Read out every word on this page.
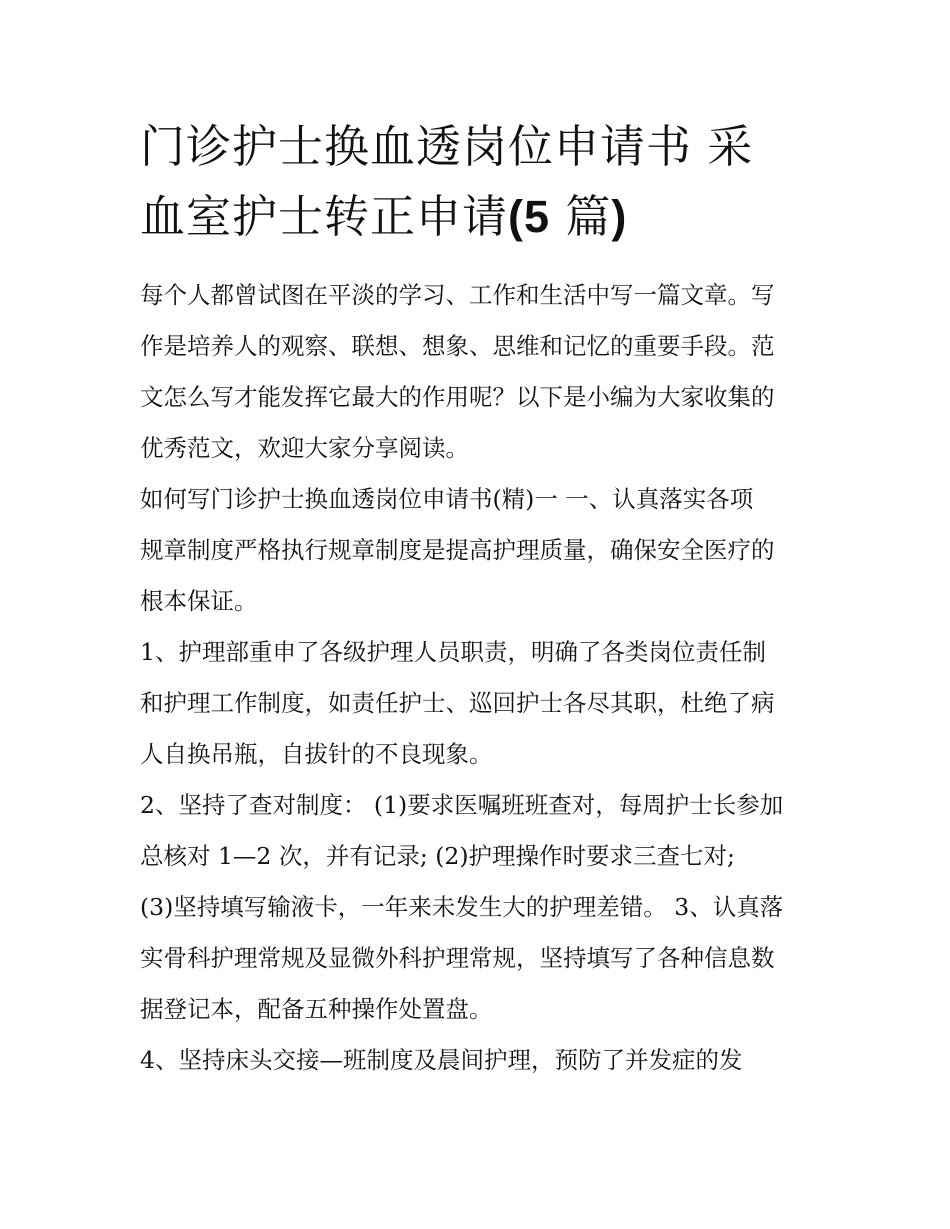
门诊护士换血透岗位申请书 采
血室护士转正申请(5 篇)
每个人都曾试图在平淡的学习、工作和生活中写一篇文章。写
作是培养人的观察、联想、想象、思维和记忆的重要手段。范
文怎么写才能发挥它最大的作用呢？以下是小编为大家收集的
优秀范文，欢迎大家分享阅读。
如何写门诊护士换血透岗位申请书(精)一 一、认真落实各项
规章制度严格执行规章制度是提高护理质量，确保安全医疗的
根本保证。
1、护理部重申了各级护理人员职责，明确了各类岗位责任制
和护理工作制度，如责任护士、巡回护士各尽其职，杜绝了病
人自换吊瓶，自拔针的不良现象。
2、坚持了查对制度： (1)要求医嘱班班查对，每周护士长参加
总核对 1—2 次，并有记录; (2)护理操作时要求三查七对;
(3)坚持填写输液卡，一年来未发生大的护理差错。 3、认真落
实骨科护理常规及显微外科护理常规，坚持填写了各种信息数
据登记本，配备五种操作处置盘。
4、坚持床头交接—班制度及晨间护理，预防了并发症的发
